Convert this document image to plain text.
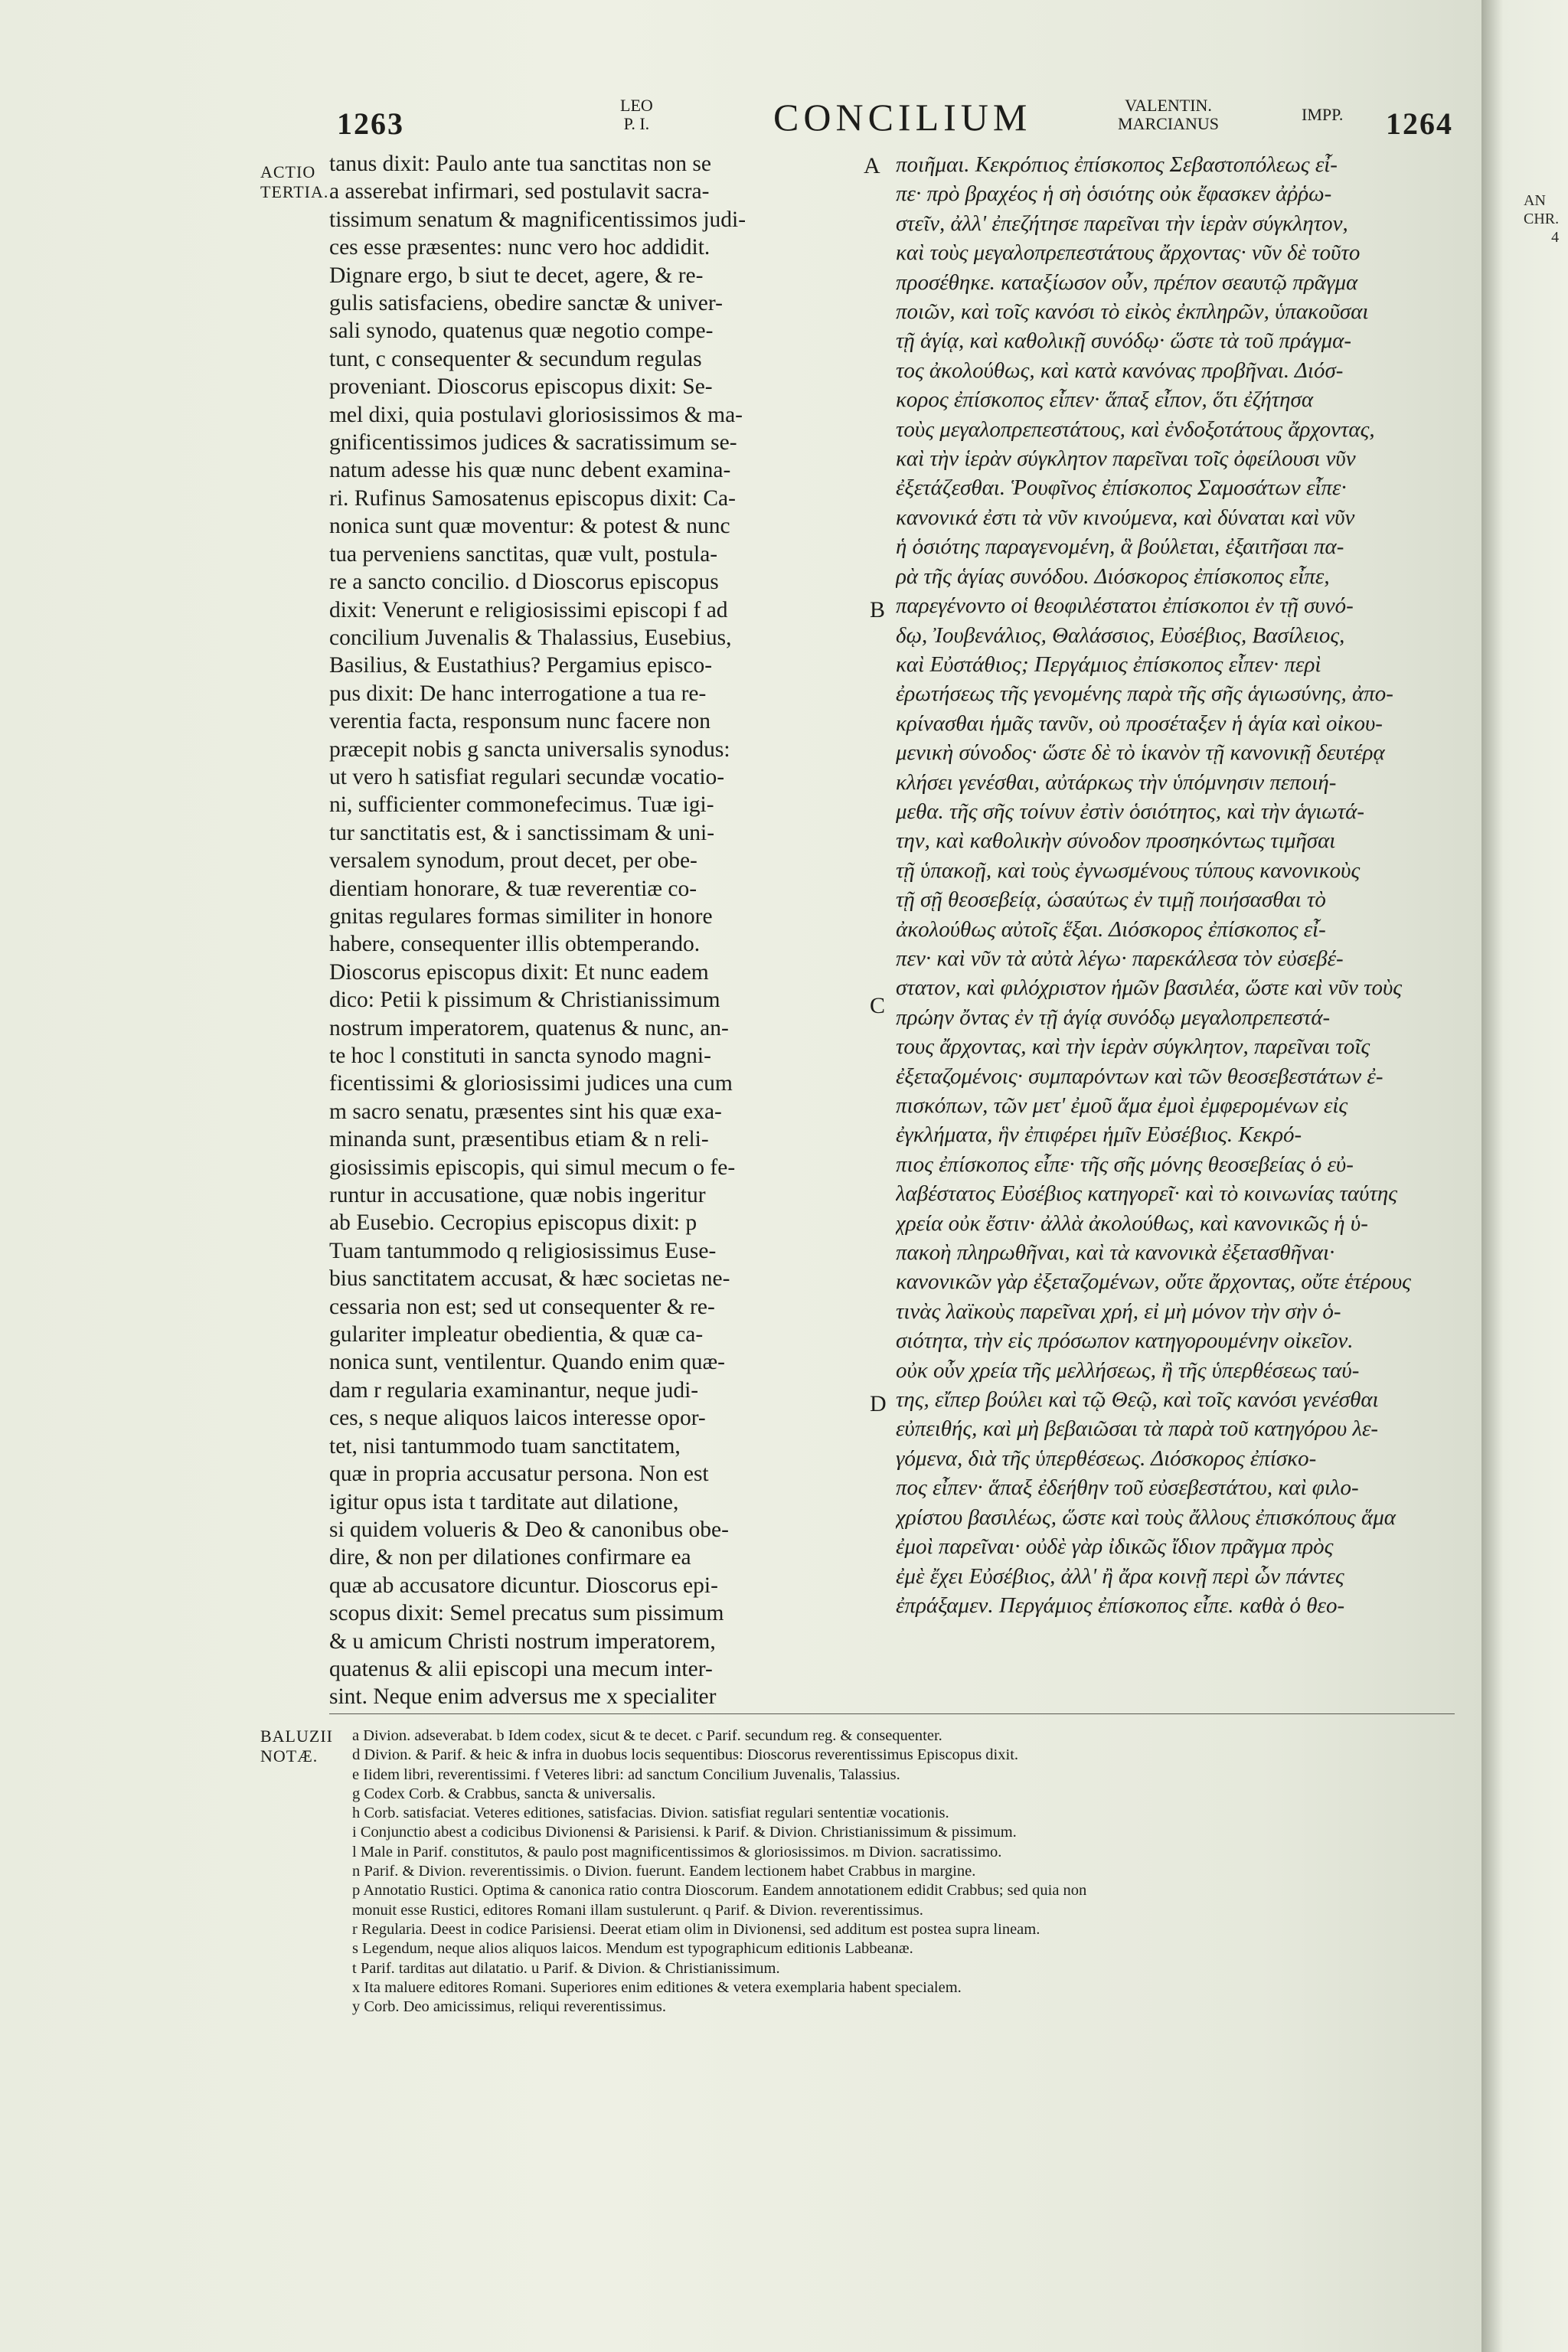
1263
LEO
P. I.	CONCILIUM	VALENTIN.
MARCIANUS	IMPP. 1264
ACTIO
TERTIA.
A
B
C
D
tanus dixit: Paulo ante tua sanctitas non se
a asserebat infirmari, sed postulavit sacra-
tissimum senatum & magnificentissimos judi-
ces esse præsentes: nunc vero hoc addidit.
Dignare ergo, b siut te decet, agere, & re-
gulis satisfaciens, obedire sanctæ & univer-
sali synodo, quatenus quæ negotio compe-
tunt, c consequenter & secundum regulas
proveniant. Dioscorus episcopus dixit: Se-
mel dixi, quia postulavi gloriosissimos & ma-
gnificentissimos judices & sacratissimum se-
natum adesse his quæ nunc debent examina-
ri. Rufinus Samosatenus episcopus dixit: Ca-
nonica sunt quæ moventur: & potest & nunc
tua perveniens sanctitas, quæ vult, postula-
re a sancto concilio. d Dioscorus episcopus
dixit: Venerunt e religiosissimi episcopi f ad
concilium Juvenalis & Thalassius, Eusebius,
Basilius, & Eustathius? Pergamius episco-
pus dixit: De hanc interrogatione a tua re-
verentia facta, responsum nunc facere non
præcepit nobis g sancta universalis synodus:
ut vero h satisfiat regulari secundæ vocatio-
ni, sufficienter commonefecimus. Tuæ igi-
tur sanctitatis est, & i sanctissimam & uni-
versalem synodum, prout decet, per obe-
dientiam honorare, & tuæ reverentiæ co-
gnitas regulares formas similiter in honore
habere, consequenter illis obtemperando.
Dioscorus episcopus dixit: Et nunc eadem
dico: Petii k pissimum & Christianissimum
nostrum imperatorem, quatenus & nunc, an-
te hoc l constituti in sancta synodo magni-
ficentissimi & gloriosissimi judices una cum
m sacro senatu, præsentes sint his quæ exa-
minanda sunt, præsentibus etiam & n reli-
giosissimis episcopis, qui simul mecum o fe-
runtur in accusatione, quæ nobis ingeritur
ab Eusebio. Cecropius episcopus dixit: p
Tuam tantummodo q religiosissimus Euse-
bius sanctitatem accusat, & hæc societas ne-
cessaria non est; sed ut consequenter & re-
gulariter impleatur obedientia, & quæ ca-
nonica sunt, ventilentur. Quando enim quæ-
dam r regularia examinantur, neque judi-
ces, s neque aliquos laicos interesse opor-
tet, nisi tantummodo tuam sanctitatem,
quæ in propria accusatur persona. Non est
igitur opus ista t tarditate aut dilatione,
si quidem volueris & Deo & canonibus obe-
dire, & non per dilationes confirmare ea
quæ ab accusatore dicuntur. Dioscorus epi-
scopus dixit: Semel precatus sum pissimum
& u amicum Christi nostrum imperatorem,
quatenus & alii episcopi una mecum inter-
sint. Neque enim adversus me x specialiter
ποιῆμαι. Κεκρόπιος ἐπίσκοπος Σεβαστοπόλεως εἶ-
πε· πρὸ βραχέος ἡ σὴ ὁσιότης οὐκ ἔφασκεν ἀῤῥω-
στεῖν, ἀλλ' ἐπεζήτησε παρεῖναι τὴν ἱερὰν σύγκλητον,
καὶ τοὺς μεγαλοπρεπεστάτους ἄρχοντας· νῦν δὲ τοῦτο
προσέθηκε. καταξίωσον οὖν, πρέπον σεαυτῷ πρᾶγμα
ποιῶν, καὶ τοῖς κανόσι τὸ εἰκὸς ἐκπληρῶν, ὑπακοῦσαι
τῇ ἁγίᾳ, καὶ καθολικῇ συνόδῳ· ὥστε τὰ τοῦ πράγμα-
τος ἀκολούθως, καὶ κατὰ κανόνας προβῆναι. Διόσ-
κορος ἐπίσκοπος εἶπεν· ἅπαξ εἶπον, ὅτι ἐζήτησα
τοὺς μεγαλοπρεπεστάτους, καὶ ἐνδοξοτάτους ἄρχοντας,
καὶ τὴν ἱερὰν σύγκλητον παρεῖναι τοῖς ὀφείλουσι νῦν
ἐξετάζεσθαι. Ῥουφῖνος ἐπίσκοπος Σαμοσάτων εἶπε·
κανονικά ἐστι τὰ νῦν κινούμενα, καὶ δύναται καὶ νῦν
ἡ ὁσιότης παραγενομένη, ἃ βούλεται, ἐξαιτῆσαι πα-
ρὰ τῆς ἁγίας συνόδου. Διόσκορος ἐπίσκοπος εἶπε,
παρεγένοντο οἱ θεοφιλέστατοι ἐπίσκοποι ἐν τῇ συνό-
δῳ, Ἰουβενάλιος, Θαλάσσιος, Εὐσέβιος, Βασίλειος,
καὶ Εὐστάθιος; Περγάμιος ἐπίσκοπος εἶπεν· περὶ
ἐρωτήσεως τῆς γενομένης παρὰ τῆς σῆς ἁγιωσύνης, ἀπο-
κρίνασθαι ἡμᾶς τανῦν, οὐ προσέταξεν ἡ ἁγία καὶ οἰκου-
μενικὴ σύνοδος· ὥστε δὲ τὸ ἱκανὸν τῇ κανονικῇ δευτέρᾳ
κλήσει γενέσθαι, αὐτάρκως τὴν ὑπόμνησιν πεποιή-
μεθα. τῆς σῆς τοίνυν ἐστὶν ὁσιότητος, καὶ τὴν ἁγιωτά-
την, καὶ καθολικὴν σύνοδον προσηκόντως τιμῆσαι
τῇ ὑπακοῇ, καὶ τοὺς ἐγνωσμένους τύπους κανονικοὺς
τῇ σῇ θεοσεβείᾳ, ὡσαύτως ἐν τιμῇ ποιήσασθαι τὸ
ἀκολούθως αὐτοῖς ἕξαι. Διόσκορος ἐπίσκοπος εἶ-
πεν· καὶ νῦν τὰ αὐτὰ λέγω· παρεκάλεσα τὸν εὐσεβέ-
στατον, καὶ φιλόχριστον ἡμῶν βασιλέα, ὥστε καὶ νῦν τοὺς
πρώην ὄντας ἐν τῇ ἁγίᾳ συνόδῳ μεγαλοπρεπεστά-
τους ἄρχοντας, καὶ τὴν ἱερὰν σύγκλητον, παρεῖναι τοῖς
ἐξεταζομένοις· συμπαρόντων καὶ τῶν θεοσεβεστάτων ἐ-
πισκόπων, τῶν μετ' ἐμοῦ ἅμα ἐμοὶ ἐμφερομένων εἰς
ἐγκλήματα, ἣν ἐπιφέρει ἡμῖν Εὐσέβιος. Κεκρό-
πιος ἐπίσκοπος εἶπε· τῆς σῆς μόνης θεοσεβείας ὁ εὐ-
λαβέστατος Εὐσέβιος κατηγορεῖ· καὶ τὸ κοινωνίας ταύτης
χρεία οὐκ ἔστιν· ἀλλὰ ἀκολούθως, καὶ κανονικῶς ἡ ὑ-
πακοὴ πληρωθῆναι, καὶ τὰ κανονικὰ ἐξετασθῆναι·
κανονικῶν γὰρ ἐξεταζομένων, οὔτε ἄρχοντας, οὔτε ἑτέρους
τινὰς λαϊκοὺς παρεῖναι χρή, εἰ μὴ μόνον τὴν σὴν ὁ-
σιότητα, τὴν εἰς πρόσωπον κατηγορουμένην οἰκεῖον.
οὐκ οὖν χρεία τῆς μελλήσεως, ἢ τῆς ὑπερθέσεως ταύ-
της, εἴπερ βούλει καὶ τῷ Θεῷ, καὶ τοῖς κανόσι γενέσθαι
εὐπειθής, καὶ μὴ βεβαιῶσαι τὰ παρὰ τοῦ κατηγόρου λε-
γόμενα, διὰ τῆς ὑπερθέσεως. Διόσκορος ἐπίσκο-
πος εἶπεν· ἅπαξ ἐδεήθην τοῦ εὐσεβεστάτου, καὶ φιλο-
χρίστου βασιλέως, ὥστε καὶ τοὺς ἄλλους ἐπισκόπους ἅμα
ἐμοὶ παρεῖναι· οὐδὲ γὰρ ἰδικῶς ἴδιον πρᾶγμα πρὸς
ἐμὲ ἔχει Εὐσέβιος, ἀλλ' ἢ ἄρα κοινῇ περὶ ὧν πάντες
ἐπράξαμεν. Περγάμιος ἐπίσκοπος εἶπε. καθὰ ὁ θεο-
BALUZII
NOTÆ.
a Divion. adseverabat. b Idem codex, sicut & te decet. c Parif. secundum reg. & consequenter.
d Divion. & Parif. & heic & infra in duobus locis sequentibus: Dioscorus reverentissimus Episcopus dixit.
e Iidem libri, reverentissimi. f Veteres libri: ad sanctum Concilium Juvenalis, Talassius.
g Codex Corb. & Crabbus, sancta & universalis.
h Corb. satisfaciat. Veteres editiones, satisfacias. Divion. satisfiat regulari sententiæ vocationis.
i Conjunctio abest a codicibus Divionensi & Parisiensi. k Parif. & Divion. Christianissimum & pissimum.
l Male in Parif. constitutos, & paulo post magnificentissimos & gloriosissimos. m Divion. sacratissimo.
n Parif. & Divion. reverentissimis. o Divion. fuerunt. Eandem lectionem habet Crabbus in margine.
p Annotatio Rustici. Optima & canonica ratio contra Dioscorum. Eandem annotationem edidit Crabbus; sed quia non
monuit esse Rustici, editores Romani illam sustulerunt. q Parif. & Divion. reverentissimus.
r Regularia. Deest in codice Parisiensi. Deerat etiam olim in Divionensi, sed additum est postea supra lineam.
s Legendum, neque alios aliquos laicos. Mendum est typographicum editionis Labbeanæ.
t Parif. tarditas aut dilatatio. u Parif. & Divion. & Christianissimum.
x Ita maluere editores Romani. Superiores enim editiones & vetera exemplaria habent specialem.
y Corb. Deo amicissimus, reliqui reverentissimus.
AN
CHR.
4
